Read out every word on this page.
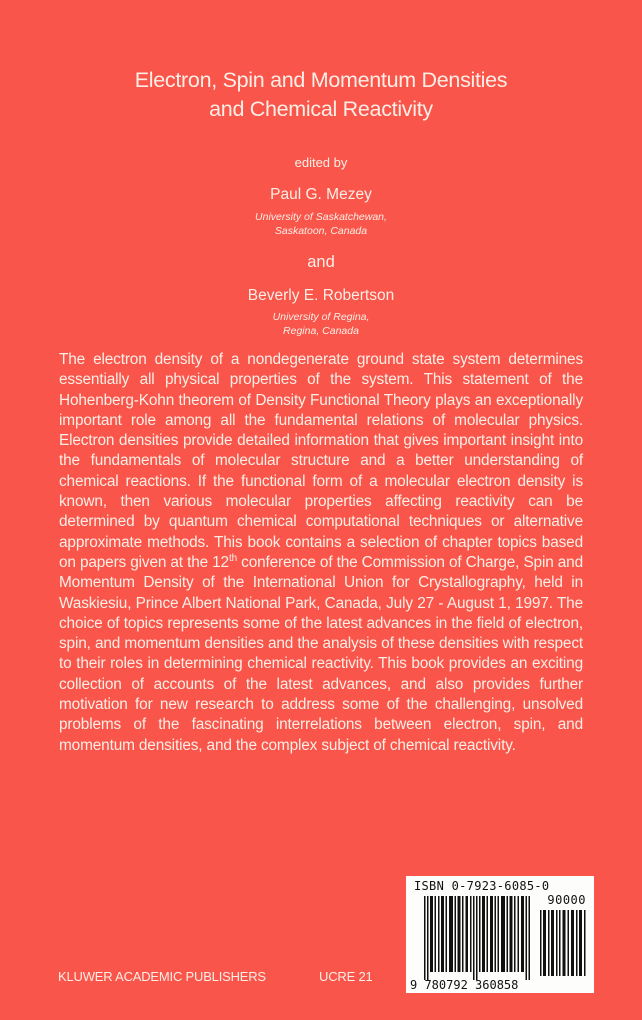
Electron, Spin and Momentum Densities
and Chemical Reactivity
edited by
Paul G. Mezey
University of Saskatchewan,
Saskatoon, Canada
and
Beverly E. Robertson
University of Regina,
Regina, Canada
The electron density of a nondegenerate ground state system determines essentially all physical properties of the system. This statement of the Hohenberg-Kohn theorem of Density Functional Theory plays an exceptionally important role among all the fundamental relations of molecular physics. Electron densities provide detailed information that gives important insight into the fundamentals of molecular structure and a better understanding of chemical reactions. If the functional form of a molecular electron density is known, then various molecular properties affecting reactivity can be determined by quantum chemical computational techniques or alternative approximate methods. This book contains a selection of chapter topics based on papers given at the 12th conference of the Commission of Charge, Spin and Momentum Density of the International Union for Crystallography, held in Waskiesiu, Prince Albert National Park, Canada, July 27 - August 1, 1997. The choice of topics represents some of the latest advances in the field of electron, spin, and momentum densities and the analysis of these densities with respect to their roles in determining chemical reactivity. This book provides an exciting collection of accounts of the latest advances, and also provides further motivation for new research to address some of the challenging, unsolved problems of the fascinating interrelations between electron, spin, and momentum densities, and the complex subject of chemical reactivity.
ISBN 0-7923-6085-0
90000
9 780792 360858
KLUWER ACADEMIC PUBLISHERS	UCRE 21
